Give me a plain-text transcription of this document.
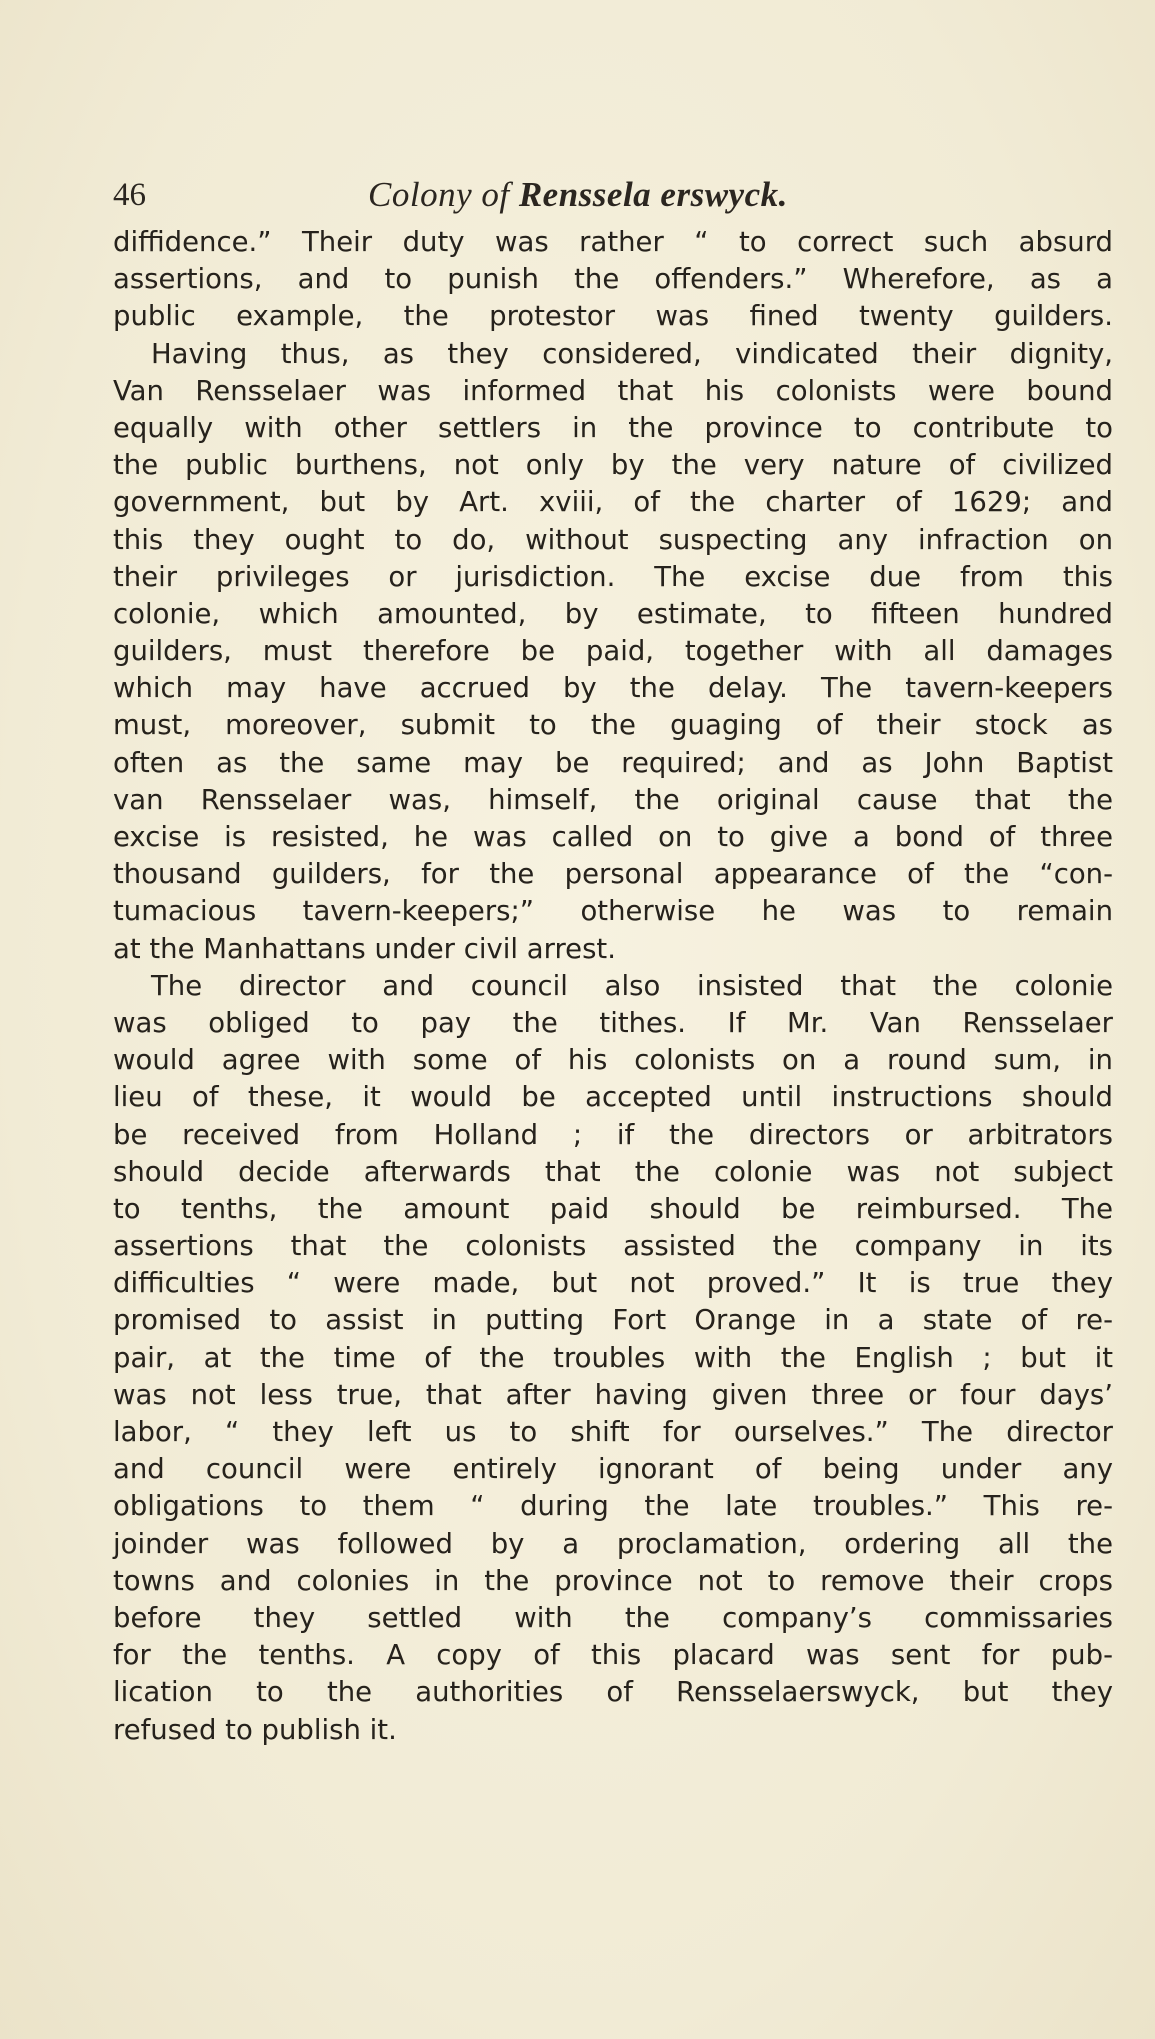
46	Colony of Renssela erswyck.
diffidence.” Their duty was rather “ to correct such absurd
assertions, and to punish the offenders.” Wherefore, as a
public example, the protestor was fined twenty guilders.
Having thus, as they considered, vindicated their dignity,
Van Rensselaer was informed that his colonists were bound
equally with other settlers in the province to contribute to
the public burthens, not only by the very nature of civilized
government, but by Art. xviii, of the charter of 1629; and
this they ought to do, without suspecting any infraction on
their privileges or jurisdiction. The excise due from this
colonie, which amounted, by estimate, to fifteen hundred
guilders, must therefore be paid, together with all damages
which may have accrued by the delay. The tavern-keepers
must, moreover, submit to the guaging of their stock as
often as the same may be required; and as John Baptist
van Rensselaer was, himself, the original cause that the
excise is resisted, he was called on to give a bond of three
thousand guilders, for the personal appearance of the “con-
tumacious tavern-keepers;” otherwise he was to remain
at the Manhattans under civil arrest.
The director and council also insisted that the colonie
was obliged to pay the tithes. If Mr. Van Rensselaer
would agree with some of his colonists on a round sum, in
lieu of these, it would be accepted until instructions should
be received from Holland ; if the directors or arbitrators
should decide afterwards that the colonie was not subject
to tenths, the amount paid should be reimbursed. The
assertions that the colonists assisted the company in its
difficulties “ were made, but not proved.” It is true they
promised to assist in putting Fort Orange in a state of re-
pair, at the time of the troubles with the English ; but it
was not less true, that after having given three or four days’
labor, “ they left us to shift for ourselves.” The director
and council were entirely ignorant of being under any
obligations to them “ during the late troubles.” This re-
joinder was followed by a proclamation, ordering all the
towns and colonies in the province not to remove their crops
before they settled with the company’s commissaries
for the tenths. A copy of this placard was sent for pub-
lication to the authorities of Rensselaerswyck, but they
refused to publish it.
